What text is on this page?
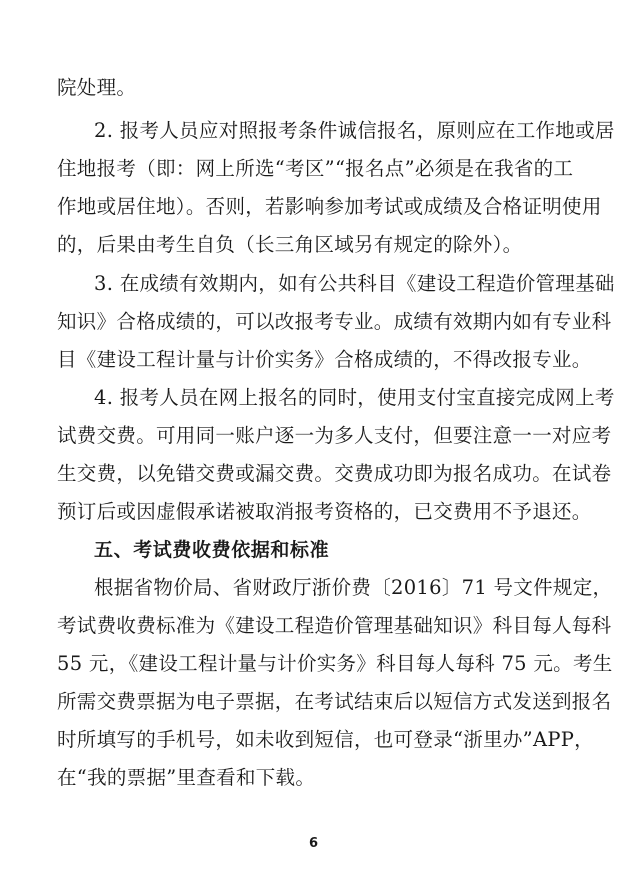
院处理。
2. 报考人员应对照报考条件诚信报名，原则应在工作地或居
住地报考（即：网上所选“考区”“报名点”必须是在我省的工
作地或居住地）。否则，若影响参加考试或成绩及合格证明使用
的，后果由考生自负（长三角区域另有规定的除外）。
3. 在成绩有效期内，如有公共科目《建设工程造价管理基础
知识》合格成绩的，可以改报考专业。成绩有效期内如有专业科
目《建设工程计量与计价实务》合格成绩的，不得改报专业。
4. 报考人员在网上报名的同时，使用支付宝直接完成网上考
试费交费。可用同一账户逐一为多人支付，但要注意一一对应考
生交费，以免错交费或漏交费。交费成功即为报名成功。在试卷
预订后或因虚假承诺被取消报考资格的，已交费用不予退还。
五、考试费收费依据和标准
根据省物价局、省财政厅浙价费〔2016〕71 号文件规定，
考试费收费标准为《建设工程造价管理基础知识》科目每人每科
55 元，《建设工程计量与计价实务》科目每人每科 75 元。考生
所需交费票据为电子票据，在考试结束后以短信方式发送到报名
时所填写的手机号，如未收到短信，也可登录“浙里办”APP，
在“我的票据”里查看和下载。
6
